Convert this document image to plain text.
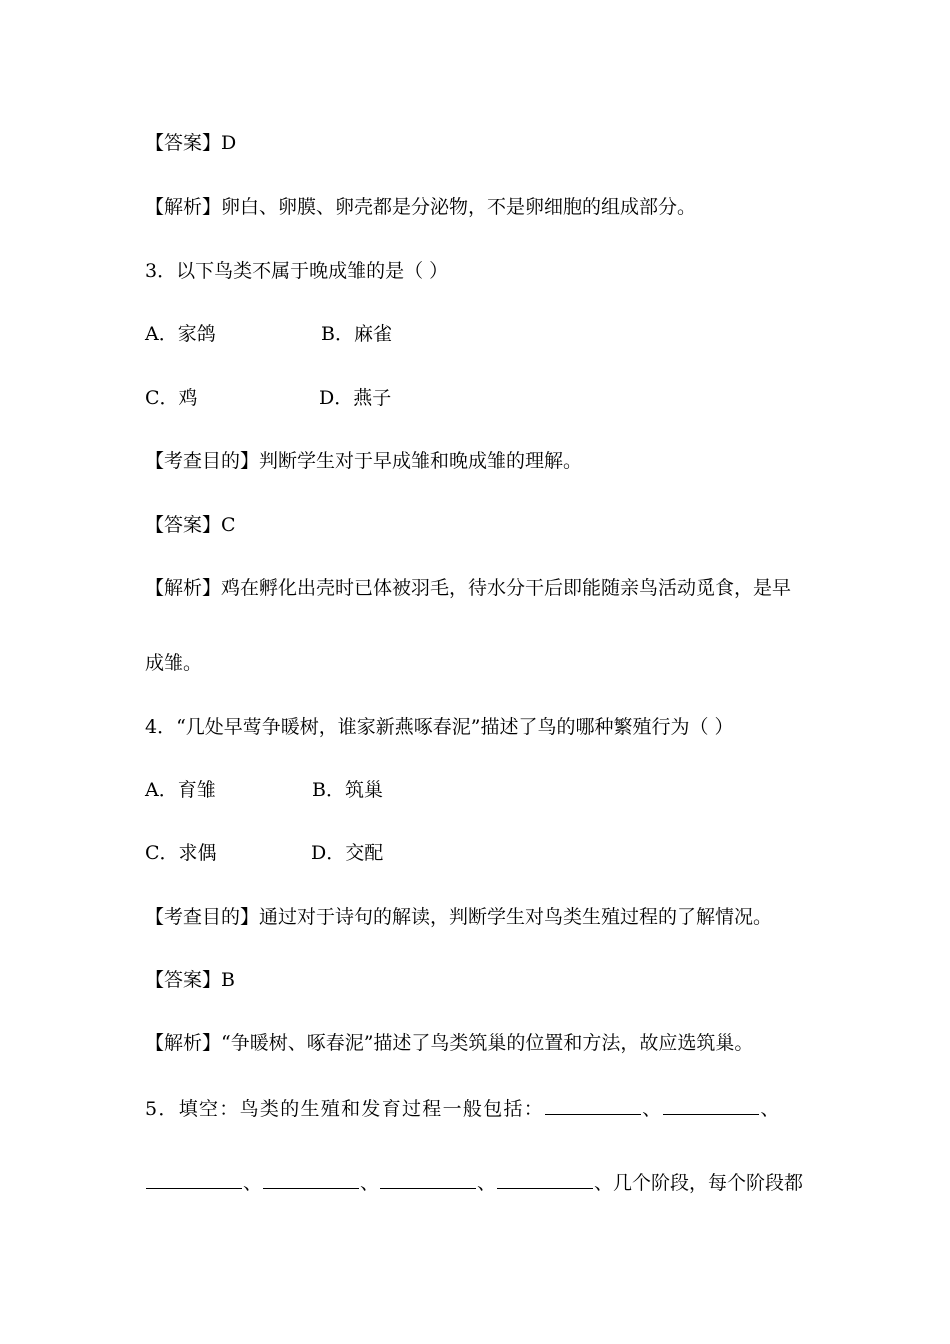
【答案】D
【解析】卵白、卵膜、卵壳都是分泌物，不是卵细胞的组成部分。
3．以下鸟类不属于晚成雏的是（ ）
A．家鸽	B．麻雀
C．鸡	D．燕子
【考查目的】判断学生对于早成雏和晚成雏的理解。
【答案】C
【解析】鸡在孵化出壳时已体被羽毛，待水分干后即能随亲鸟活动觅食，是早
成雏。
4．“几处早莺争暖树，谁家新燕啄春泥”描述了鸟的哪种繁殖行为（ ）
A．育雏	B．筑巢
C．求偶	D．交配
【考查目的】通过对于诗句的解读，判断学生对鸟类生殖过程的了解情况。
【答案】B
【解析】“争暖树、啄春泥”描述了鸟类筑巢的位置和方法，故应选筑巢。
5．填空：鸟类的生殖和发育过程一般包括：	、	、
、	、	、	、几个阶段，每个阶段都
